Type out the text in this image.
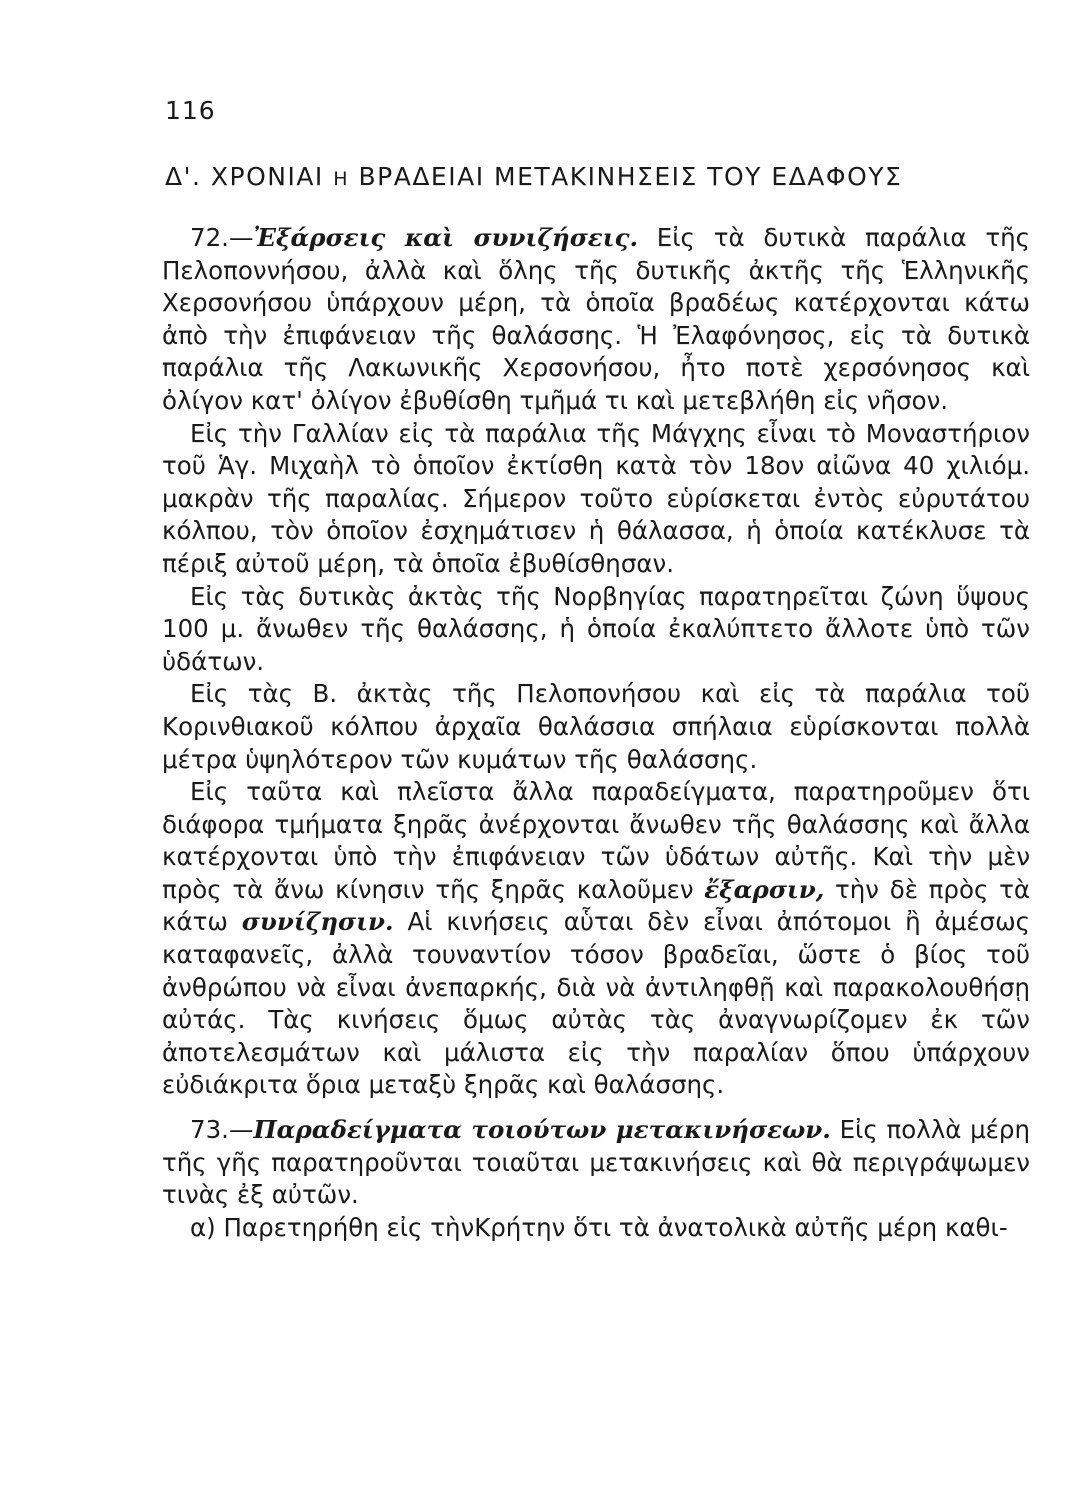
116
Δ'. ΧΡΟΝΙΑΙ Η ΒΡΑΔΕΙΑΙ ΜΕΤΑΚΙΝΗΣΕΙΣ ΤΟΥ ΕΔΑΦΟΥΣ

72.—Ἐξάρσεις καὶ συνιζήσεις. Εἰς τὰ δυτικὰ παράλια τῆς Πελοποννήσου, ἀλλὰ καὶ ὅλης τῆς δυτικῆς ἀκτῆς τῆς Ἑλληνικῆς Χερσονήσου ὑπάρχουν μέρη, τὰ ὁποῖα βραδέως κατέρχονται κάτω ἀπὸ τὴν ἐπιφάνειαν τῆς θαλάσσης. Ἡ Ἐλαφόνησος, εἰς τὰ δυτικὰ παράλια τῆς Λακωνικῆς Χερσονήσου, ἦτο ποτὲ χερσόνησος καὶ ὀλίγον κατ' ὀλίγον ἐβυθίσθη τμῆμά τι καὶ μετεβλήθη εἰς νῆσον.

Εἰς τὴν Γαλλίαν εἰς τὰ παράλια τῆς Μάγχης εἶναι τὸ Μοναστήριον τοῦ Ἁγ. Μιχαὴλ τὸ ὁποῖον ἐκτίσθη κατὰ τὸν 18ον αἰῶνα 40 χιλιόμ. μακρὰν τῆς παραλίας. Σήμερον τοῦτο εὑρίσκεται ἐντὸς εὐρυτάτου κόλπου, τὸν ὁποῖον ἐσχημάτισεν ἡ θάλασσα, ἡ ὁποία κατέκλυσε τὰ πέριξ αὐτοῦ μέρη, τὰ ὁποῖα ἐβυθίσθησαν.

Εἰς τὰς δυτικὰς ἀκτὰς τῆς Νορβηγίας παρατηρεῖται ζώνη ὕψους 100 μ. ἄνωθεν τῆς θαλάσσης, ἡ ὁποία ἐκαλύπτετο ἄλλοτε ὑπὸ τῶν ὑδάτων.

Εἰς τὰς Β. ἀκτὰς τῆς Πελοπονήσου καὶ εἰς τὰ παράλια τοῦ Κορινθιακοῦ κόλπου ἀρχαῖα θαλάσσια σπήλαια εὑρίσκονται πολλὰ μέτρα ὑψηλότερον τῶν κυμάτων τῆς θαλάσσης.

Εἰς ταῦτα καὶ πλεῖστα ἄλλα παραδείγματα, παρατηροῦμεν ὅτι διάφορα τμήματα ξηρᾶς ἀνέρχονται ἄνωθεν τῆς θαλάσσης καὶ ἄλλα κατέρχονται ὑπὸ τὴν ἐπιφάνειαν τῶν ὑδάτων αὐτῆς. Καὶ τὴν μὲν πρὸς τὰ ἄνω κίνησιν τῆς ξηρᾶς καλοῦμεν ἔξαρσιν, τὴν δὲ πρὸς τὰ κάτω συνίζησιν. Αἱ κινήσεις αὗται δὲν εἶναι ἀπότομοι ἢ ἀμέσως καταφανεῖς, ἀλλὰ τουναντίον τόσον βραδεῖαι, ὥστε ὁ βίος τοῦ ἀνθρώπου νὰ εἶναι ἀνεπαρκής, διὰ νὰ ἀντιληφθῇ καὶ παρακολουθήσῃ αὐτάς. Τὰς κινήσεις ὅμως αὐτὰς τὰς ἀναγνωρίζομεν ἐκ τῶν ἀποτελεσμάτων καὶ μάλιστα εἰς τὴν παραλίαν ὅπου ὑπάρχουν εὐδιάκριτα ὅρια μεταξὺ ξηρᾶς καὶ θαλάσσης.

73.—Παραδείγματα τοιούτων μετακινήσεων. Εἰς πολλὰ μέρη τῆς γῆς παρατηροῦνται τοιαῦται μετακινήσεις καὶ θὰ περιγράψωμεν τινὰς ἐξ αὐτῶν.

α) Παρετηρήθη εἰς τὴνΚρήτην ὅτι τὰ ἀνατολικὰ αὐτῆς μέρη καθι-
